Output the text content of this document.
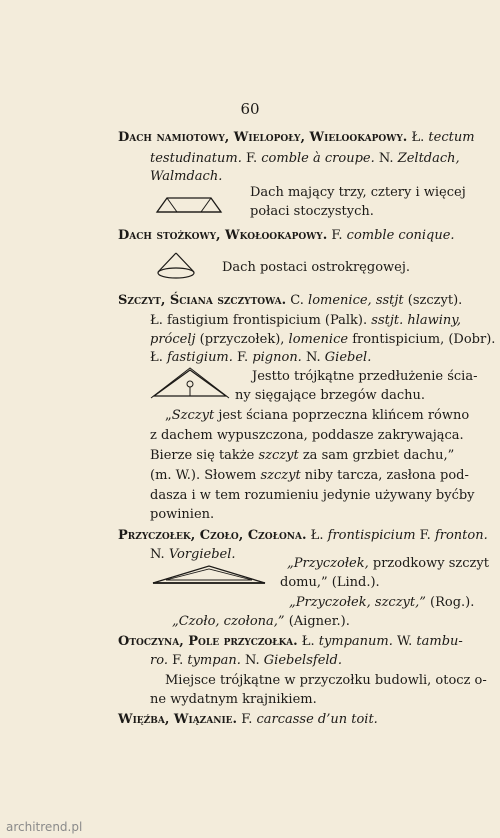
60
Dach namiotowy, Wielopoły, Wielookapowy. Ł. tectum
testudinatum. F. comble à croupe. N. Zeltdach,
Walmdach.
Dach mający trzy, cztery i więcej
połaci stoczystych.
Dach stożkowy, Wkołookapowy. F. comble conique.
Dach postaci ostrokręgowej.
Szczyt, Ściana szczytowa. C. lomenice, sstjt (szczyt).
Ł. fastigium frontispicium (Palk). sstjt. hlawiny,
prócelj (przyczołek), lomenice frontispicium, (Dobr).
Ł. fastigium. F. pignon. N. Giebel.
Jestto trójkątne przedłużenie ścia-
ny sięgające brzegów dachu.
„Szczyt jest ściana poprzeczna klińcem równo
z dachem wypuszczona, poddasze zakrywająca.
Bierze się także szczyt za sam grzbiet dachu,”
(m. W.). Słowem szczyt niby tarcza, zasłona pod-
dasza i w tem rozumieniu jedynie używany byćby
powinien.
Przyczołek, Czoło, Czołona. Ł. frontispicium F. fronton.
N. Vorgiebel.
„Przyczołek, przodkowy szczyt
domu,” (Lind.).
„Przyczołek, szczyt,” (Rog.).
„Czoło, czołona,” (Aigner.).
Otoczyna, Pole przyczołka. Ł. tympanum. W. tambu-
ro. F. tympan. N. Giebelsfeld.
Miejsce trójkątne w przyczołku budowli, otocz o-
ne wydatnym krajnikiem.
Więźba, Wiązanie. F. carcasse d’un toit.
architrend.pl
